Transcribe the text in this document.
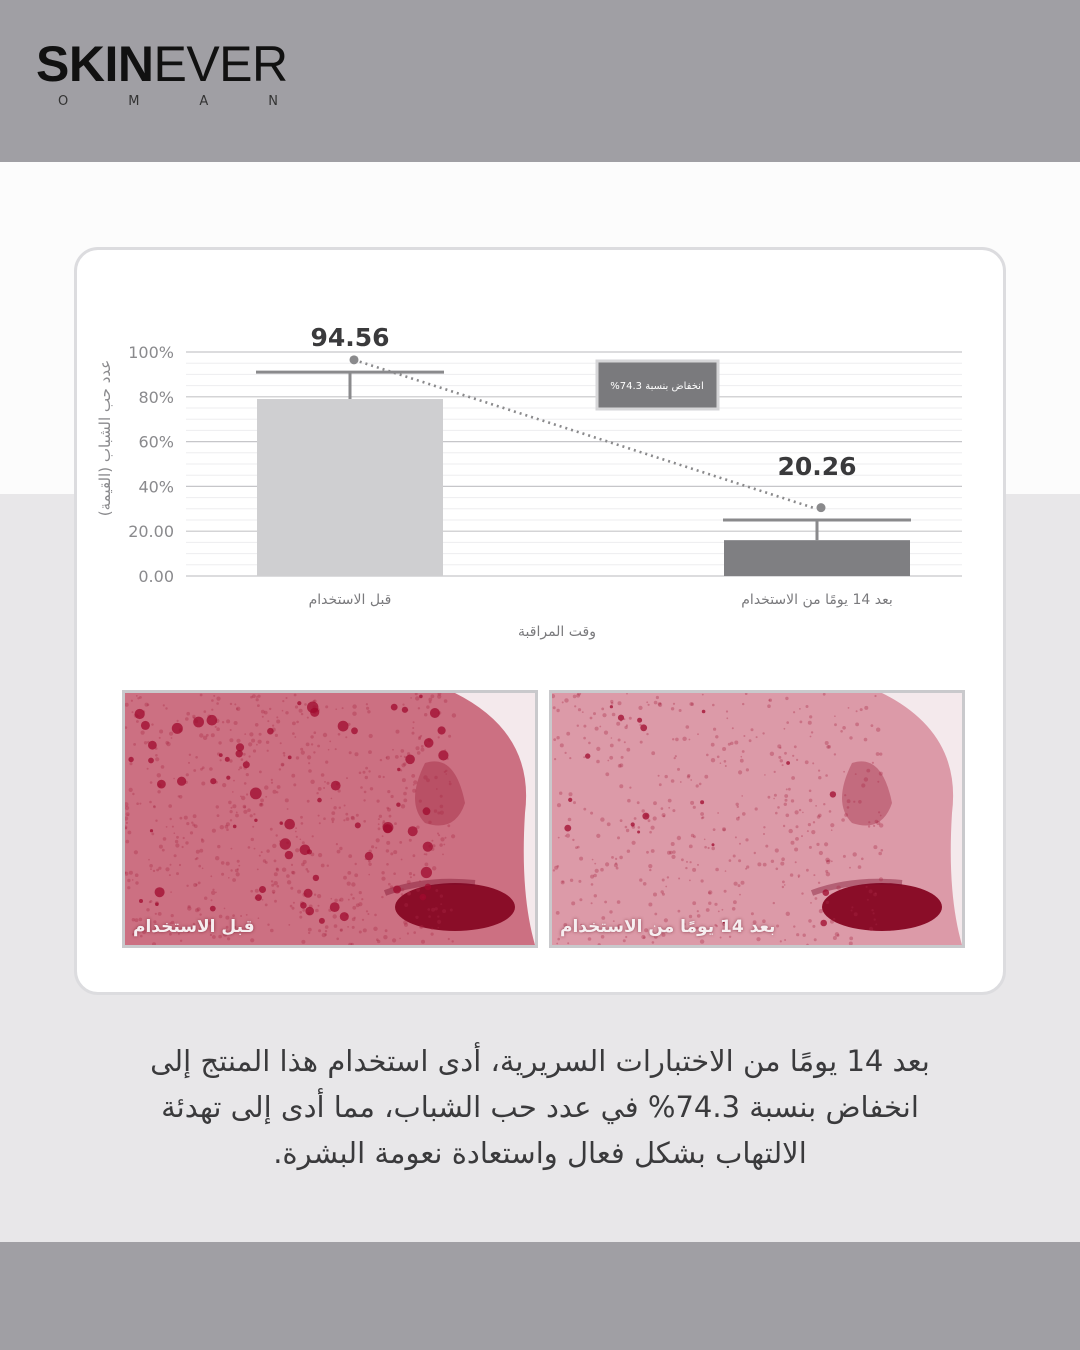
SKINEVER
O	M	A	N
0.00
20.00
40%
60%
80%
100%
عدد حب الشباب (القيمة)
قبل الاستخدام	بعد 14 يومًا من الاستخدام
94.56
20.26
انخفاض بنسبة 74.3%
وقت المراقبة
قبل الاستخدام	بعد 14 يومًا من الاستخدام
بعد 14 يومًا من الاختبارات السريرية، أدى استخدام هذا المنتج إلى
انخفاض بنسبة 74.3% في عدد حب الشباب، مما أدى إلى تهدئة
الالتهاب بشكل فعال واستعادة نعومة البشرة.
